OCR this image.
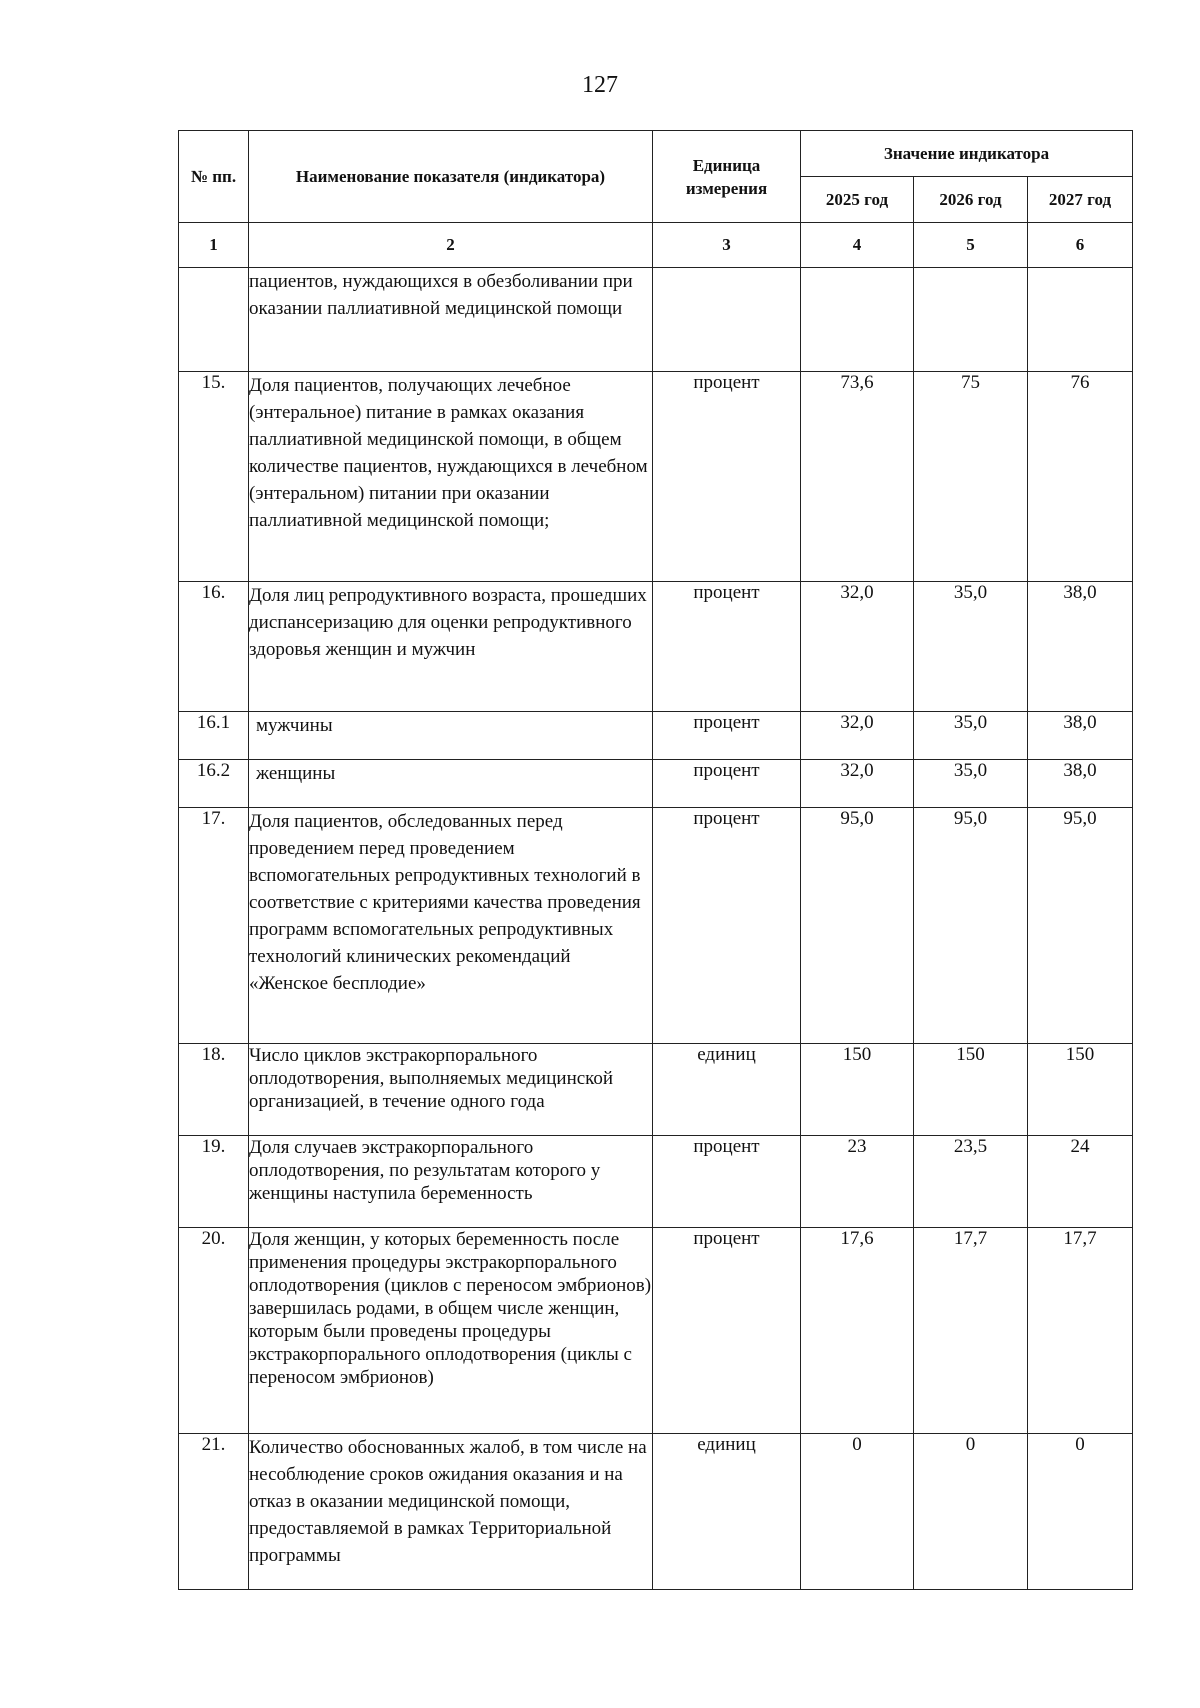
127
№ пп.	Наименование показателя (индикатора)	Единица измерения	Значение индикатора		
			2025 год	2026 год	2027 год
1	2	3	4	5	6
	пациентов, нуждающихся в обезболивании при оказании паллиативной медицинской помощи				
15.	Доля пациентов, получающих лечебное (энтеральное) питание в рамках оказания паллиативной медицинской помощи, в общем количестве пациентов, нуждающихся в лечебном (энтеральном) питании при оказании паллиативной медицинской помощи;	процент	73,6	75	76
16.	Доля лиц репродуктивного возраста, прошедших диспансеризацию для оценки репродуктивного здоровья женщин и мужчин	процент	32,0	35,0	38,0
16.1	мужчины	процент	32,0	35,0	38,0
16.2	женщины	процент	32,0	35,0	38,0
17.	Доля пациентов, обследованных перед проведением перед проведением вспомогательных репродуктивных технологий в соответствие с критериями качества проведения программ вспомогательных репродуктивных технологий клинических рекомендаций «Женское бесплодие»	процент	95,0	95,0	95,0
18.	Число циклов экстракорпорального оплодотворения, выполняемых медицинской организацией, в течение одного года	единиц	150	150	150
19.	Доля случаев экстракорпорального оплодотворения, по результатам которого у женщины наступила беременность	процент	23	23,5	24
20.	Доля женщин, у которых беременность после применения процедуры экстракорпорального оплодотворения (циклов с переносом эмбрионов) завершилась родами, в общем числе женщин, которым были проведены процедуры экстракорпорального оплодотворения (циклы с переносом эмбрионов)	процент	17,6	17,7	17,7
21.	Количество обоснованных жалоб, в том числе на несоблюдение сроков ожидания оказания и на отказ в оказании медицинской помощи, предоставляемой в рамках Территориальной программы	единиц	0	0	0
